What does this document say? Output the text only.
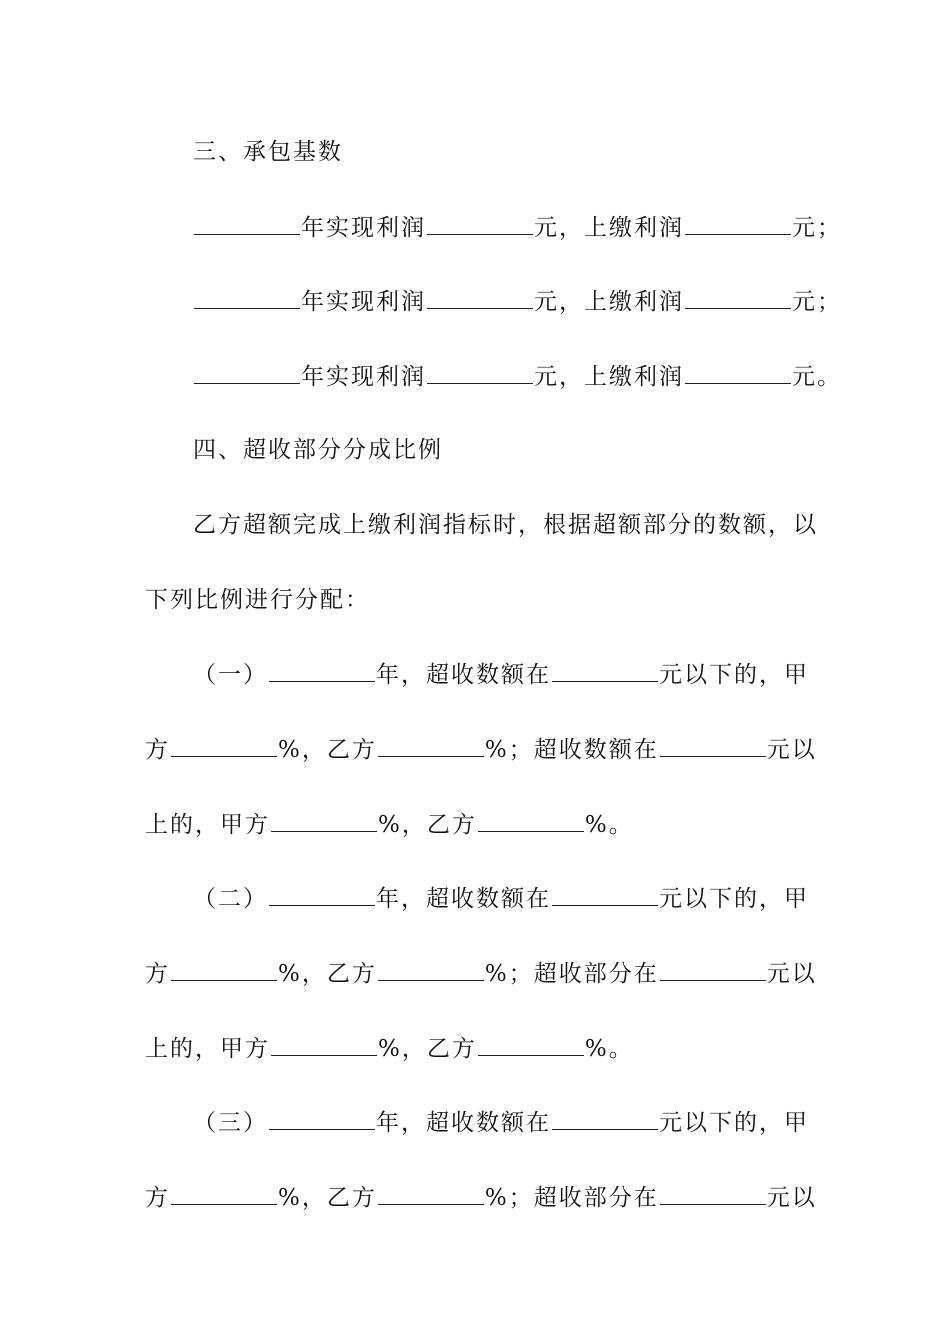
三、承包基数
年实现利润	元，上缴利润	元；
年实现利润	元，上缴利润	元；
年实现利润	元，上缴利润	元。
四、超收部分分成比例
乙方超额完成上缴利润指标时，根据超额部分的数额，以
下列比例进行分配：
（一）	年，超收数额在	元以下的，甲
方	%，乙方	%；超收数额在	元以
上的，甲方	%，乙方	%。
（二）	年，超收数额在	元以下的，甲
方	%，乙方	%；超收部分在	元以
上的，甲方	%，乙方	%。
（三）	年，超收数额在	元以下的，甲
方	%，乙方	%；超收部分在	元以
